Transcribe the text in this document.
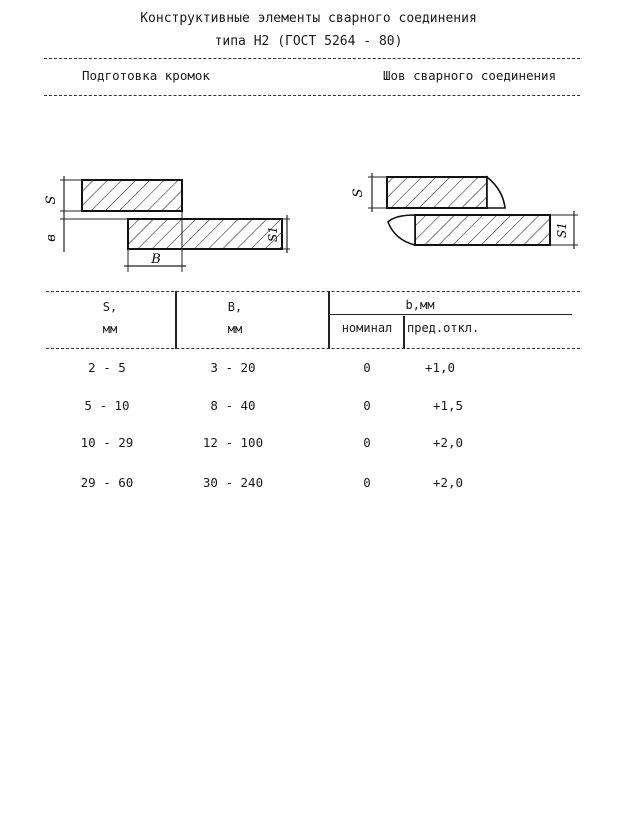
Конструктивные элементы сварного соединения
типа Н2 (ГОСТ 5264 - 80)
Подготовка кромок	Шов сварного соединения
S
в	S1
B
S
S1
S,
мм
В,
мм
b,мм
номинал	пред.откл.
2 - 5	3 - 20	0	+1,0
5 - 10	8 - 40	0	+1,5
10 - 29	12 - 100	0	+2,0
29 - 60	30 - 240	0	+2,0
